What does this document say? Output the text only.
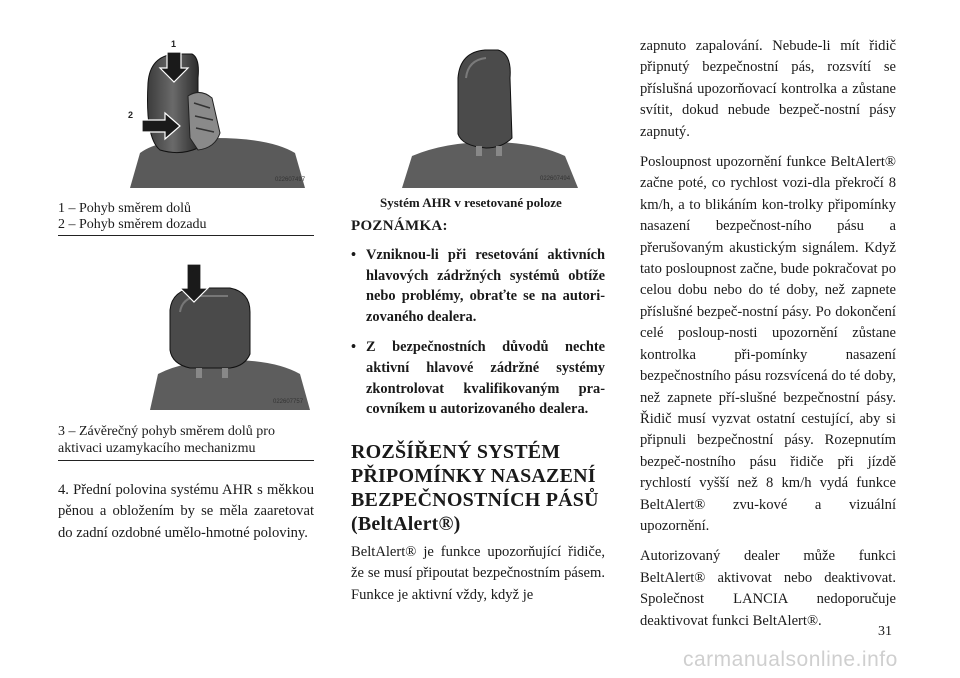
1
2
022607497
1 – Pohyb směrem dolů
2 – Pohyb směrem dozadu
022607757
3
3 – Závěrečný pohyb směrem dolů pro
aktivaci uzamykacího mechanizmu
4. Přední polovina systému AHR s měkkou pěnou a obložením by se měla zaaretovat do zadní ozdobné umělo-hmotné poloviny.
022607494
Systém AHR v resetované poloze
POZNÁMKA:
• Vzniknou-li při resetování aktivních hlavových zádržných systémů obtíže nebo problémy, obraťte se na autori-zovaného dealera.
• Z bezpečnostních důvodů nechte aktivní hlavové zádržné systémy zkontrolovat kvalifikovaným pra-covníkem u autorizovaného dealera.
ROZŠÍŘENÝ SYSTÉM
PŘIPOMÍNKY NASAZENÍ
BEZPEČNOSTNÍCH PÁSŮ
(BeltAlert®)
BeltAlert® je funkce upozorňující řidiče, že se musí připoutat bezpečnostním pásem. Funkce je aktivní vždy, když je

zapnuto zapalování. Nebude-li mít řidič připnutý bezpečnostní pás, rozsvítí se příslušná upozorňovací kontrolka a zůstane svítit, dokud nebude bezpeč-nostní pásy zapnutý.

Posloupnost upozornění funkce BeltAlert® začne poté, co rychlost vozi-dla překročí 8 km/h, a to blikáním kon-trolky připomínky nasazení bezpečnost-ního pásu a přerušovaným akustickým signálem. Když tato posloupnost začne, bude pokračovat po celou dobu nebo do té doby, než zapnete příslušné bezpeč-nostní pásy. Po dokončení celé posloup-nosti upozornění zůstane kontrolka při-pomínky nasazení bezpečnostního pásu rozsvícená do té doby, než zapnete pří-slušné bezpečnostní pásy. Řidič musí vyzvat ostatní cestující, aby si připnuli bezpečnostní pásy. Rozepnutím bezpeč-nostního pásu řidiče při jízdě rychlostí vyšší než 8 km/h vydá funkce BeltAlert® zvu-kové a vizuální upozornění.

Autorizovaný dealer může funkci BeltAlert® aktivovat nebo deaktivovat. Společnost LANCIA nedoporučuje deaktivovat funkci BeltAlert®.

31
carmanualsonline.info
